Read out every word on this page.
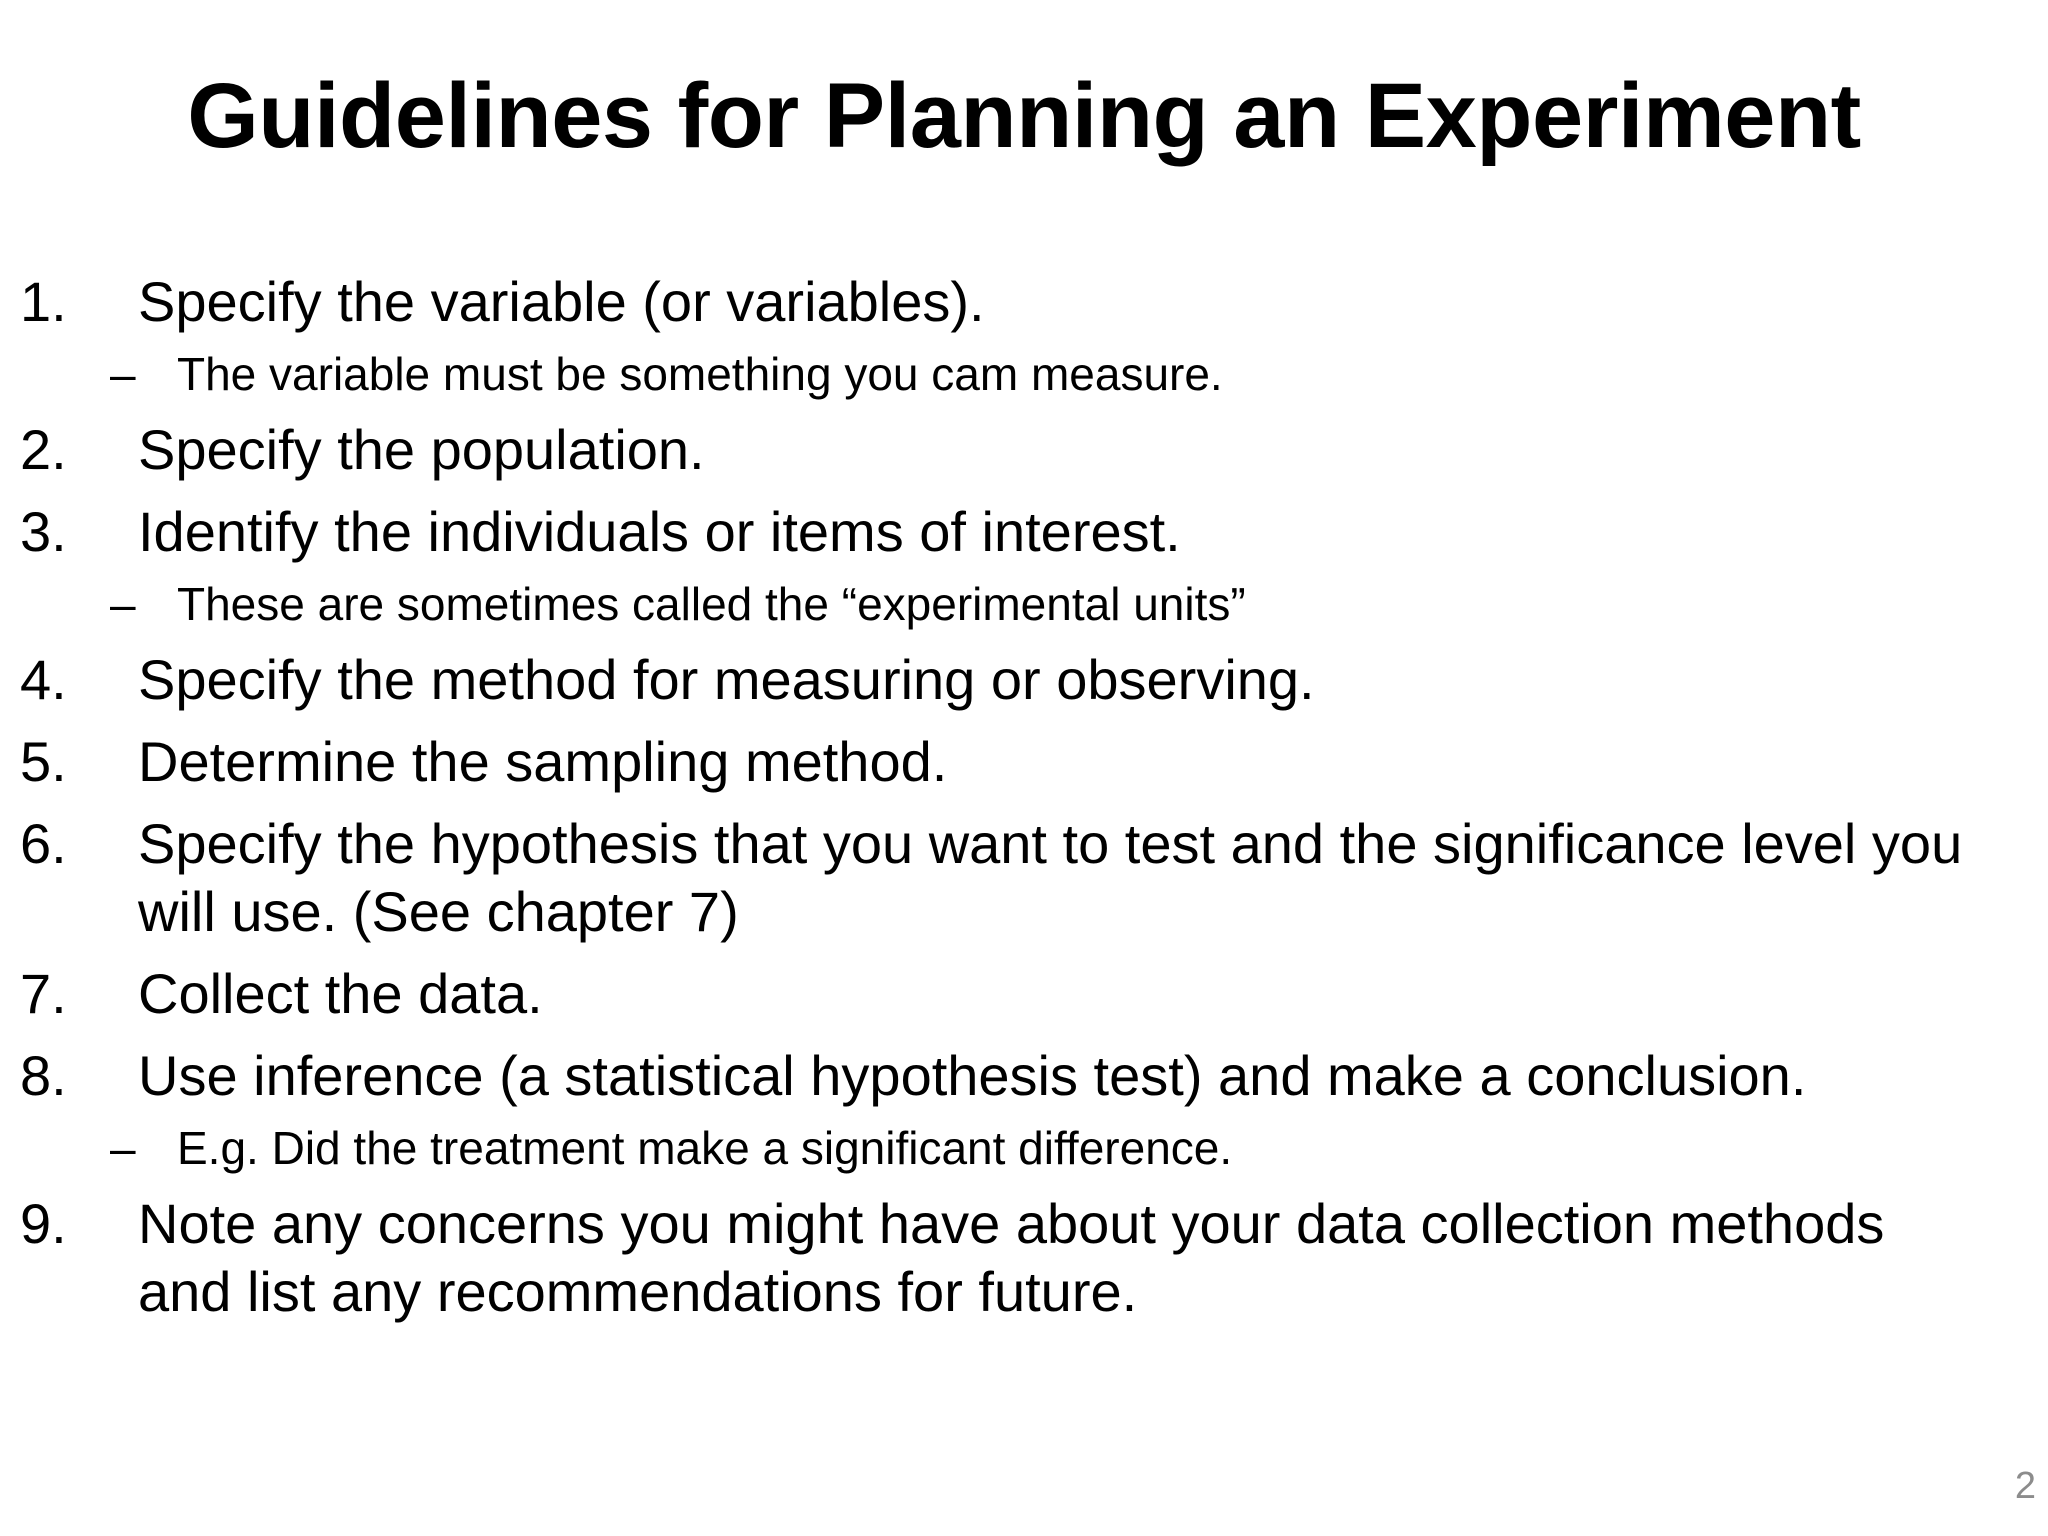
Guidelines for Planning an Experiment
1. Specify the variable (or variables).
– The variable must be something you cam measure.
2. Specify the population.
3. Identify the individuals or items of interest.
– These are sometimes called the “experimental units”
4. Specify the method for measuring or observing.
5. Determine the sampling method.
6. Specify the hypothesis that you want to test and the significance level you
will use. (See chapter 7)
7. Collect the data.
8. Use inference (a statistical hypothesis test) and make a conclusion.
– E.g. Did the treatment make a significant difference.
9. Note any concerns you might have about your data collection methods
and list any recommendations for future.
2
